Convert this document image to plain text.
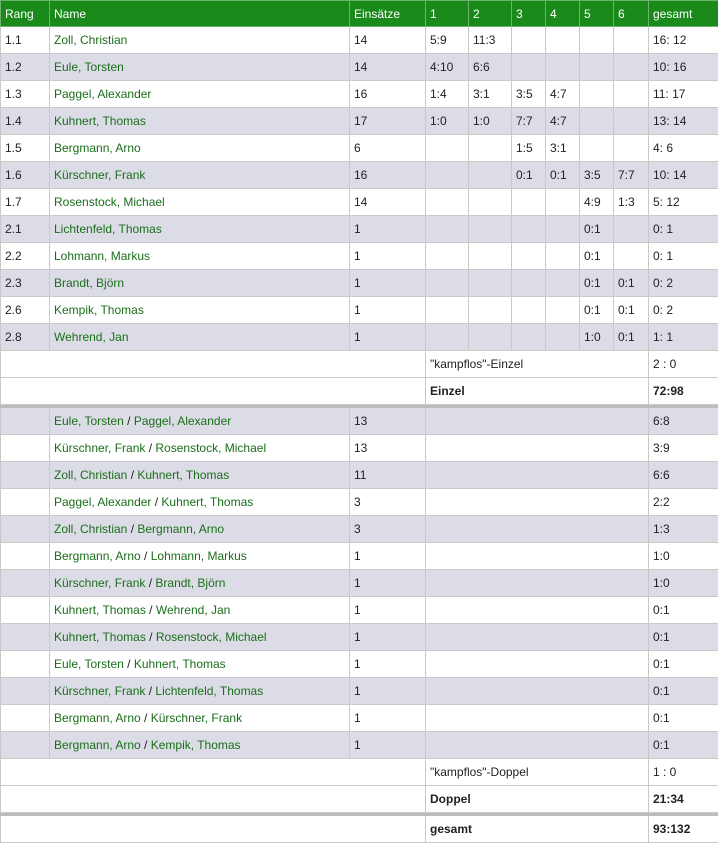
Rang	Name	Einsätze	1	2	3	4	5	6	gesamt
1.1	Zoll, Christian	14	5:9	11:3					16: 12
1.2	Eule, Torsten	14	4:10	6:6					10: 16
1.3	Paggel, Alexander	16	1:4	3:1	3:5	4:7			11: 17
1.4	Kuhnert, Thomas	17	1:0	1:0	7:7	4:7			13: 14
1.5	Bergmann, Arno	6			1:5	3:1			4: 6
1.6	Kürschner, Frank	16			0:1	0:1	3:5	7:7	10: 14
1.7	Rosenstock, Michael	14					4:9	1:3	5: 12
2.1	Lichtenfeld, Thomas	1					0:1		0: 1
2.2	Lohmann, Markus	1					0:1		0: 1
2.3	Brandt, Björn	1					0:1	0:1	0: 2
2.6	Kempik, Thomas	1					0:1	0:1	0: 2
2.8	Wehrend, Jan	1					1:0	0:1	1: 1
			"kampflos"-Einzel						2 : 0
			Einzel						72:98

	Eule, Torsten / Paggel, Alexander	13							6:8
	Kürschner, Frank / Rosenstock, Michael	13							3:9
	Zoll, Christian / Kuhnert, Thomas	11							6:6
	Paggel, Alexander / Kuhnert, Thomas	3							2:2
	Zoll, Christian / Bergmann, Arno	3							1:3
	Bergmann, Arno / Lohmann, Markus	1							1:0
	Kürschner, Frank / Brandt, Björn	1							1:0
	Kuhnert, Thomas / Wehrend, Jan	1							0:1
	Kuhnert, Thomas / Rosenstock, Michael	1							0:1
	Eule, Torsten / Kuhnert, Thomas	1							0:1
	Kürschner, Frank / Lichtenfeld, Thomas	1							0:1
	Bergmann, Arno / Kürschner, Frank	1							0:1
	Bergmann, Arno / Kempik, Thomas	1							0:1
			"kampflos"-Doppel						1 : 0
			Doppel						21:34

			gesamt						93:132
